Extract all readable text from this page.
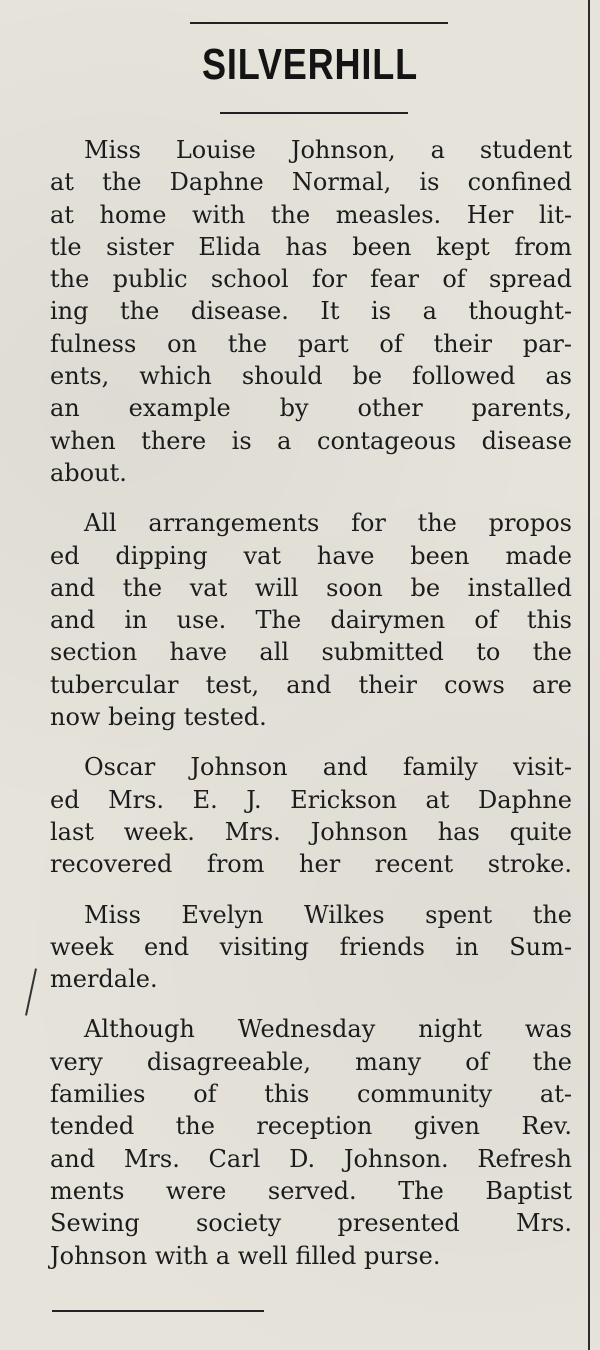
SILVERHILL
Miss Louise Johnson, a student
at the Daphne Normal, is confined
at home with the measles. Her lit-
tle sister Elida has been kept from
the public school for fear of spread
ing the disease. It is a thought-
fulness on the part of their par-
ents, which should be followed as
an example by other parents,
when there is a contageous disease
about.
All arrangements for the propos
ed dipping vat have been made
and the vat will soon be installed
and in use. The dairymen of this
section have all submitted to the
tubercular test, and their cows are
now being tested.
Oscar Johnson and family visit-
ed Mrs. E. J. Erickson at Daphne
last week. Mrs. Johnson has quite
recovered from her recent stroke.
Miss Evelyn Wilkes spent the
week end visiting friends in Sum-
merdale.
Although Wednesday night was
very disagreeable, many of the
families of this community at-
tended the reception given Rev.
and Mrs. Carl D. Johnson. Refresh
ments were served. The Baptist
Sewing society presented Mrs.
Johnson with a well filled purse.
